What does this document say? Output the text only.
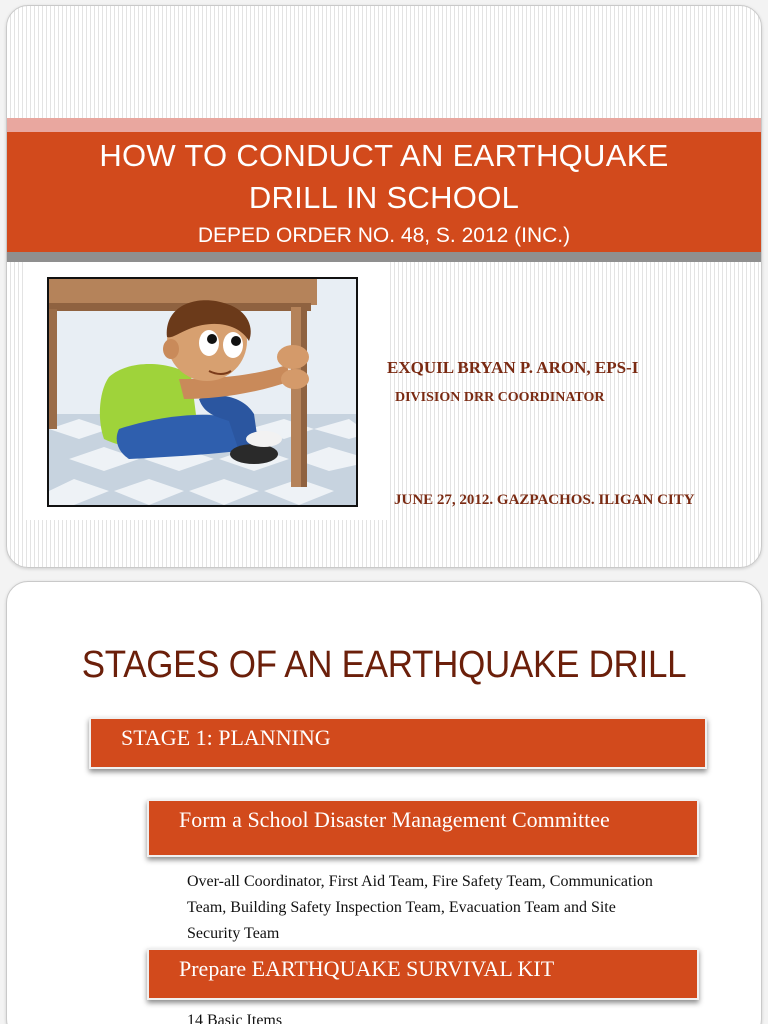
HOW TO CONDUCT AN EARTHQUAKE
DRILL IN SCHOOL
DEPED ORDER NO. 48, S. 2012 (INC.)
EXQUIL BRYAN P. ARON, EPS-I
DIVISION DRR COORDINATOR
JUNE 27, 2012. GAZPACHOS. ILIGAN CITY
STAGES OF AN EARTHQUAKE DRILL
STAGE 1: PLANNING
Form a School Disaster Management Committee
Over-all Coordinator, First Aid Team, Fire Safety Team, Communication Team, Building Safety Inspection Team, Evacuation Team and Site Security Team
Prepare EARTHQUAKE SURVIVAL KIT
14 Basic Items
